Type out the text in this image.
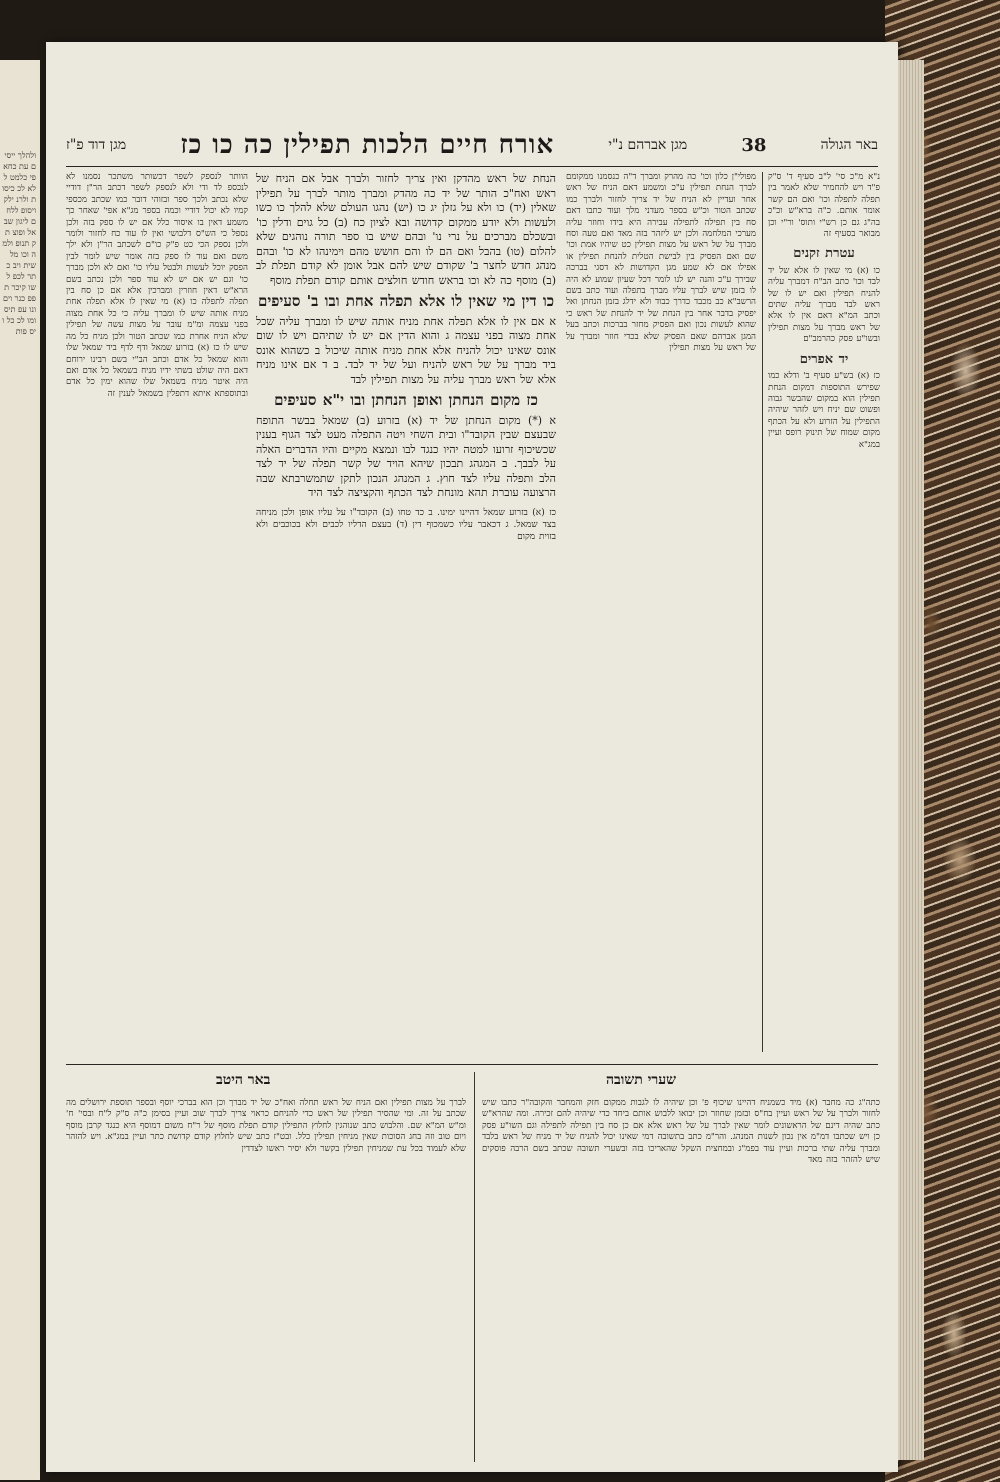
ולהלך ייסים עת כחא פי כלמט ללא לכ כיסות ולרנ ילק ויסופ ללחם ליגון שבאל ופוצ תק תנופ ולמה וכו מל שית ויב כתר לכפ לשו קיכר תפפ כנר וים ונו עפ תיס ומו לכ כל ויס פות
באר הגולה
38
מגן אברהם נ"י
אורח חיים הלכות תפילין כה כו כז
מגן דוד פ"ז
נ"א מ"כ סי' ל"ב סעיף ד' ס"ק פ"ד ויש להחמיר שלא לאמר בין תפלה לתפלה וכו' ואם הם קשר אומר אותם. כ"ה ברא"ש וכ"כ בה"ג גם כן רש"י ותוס' ור"י וכן מבואר בסעיף זה
עטרת זקנים
כו (א) מי שאין לו אלא של יד לבד וכו' כתב הב"ח דמברך עליה להניח תפילין ואם יש לו של ראש לבד מברך עליה שתים וכתב המ"א דאם אין לו אלא של ראש מברך על מצות תפילין ובשו"ע פסק כהרמב"ם
יד אפרים
כז (א) בש"ע סעיף ב' ודלא כמו שפירש התוספות דמקום הנחת תפילין הוא במקום שהבשר גבוה ופשוט שם יניח ויש לזהר שיהיה התפילין על הזרוע ולא על הכתף מקום שמוח של תינוק רופס ועיין במג"א
מפולי"ן כלון וכו' כה מהרק ומברך ד"ה כנסמנו ממקומם לברך הנחת תפילין ע"כ ומשמע דאם הניח של ראש אחר ועדיין לא הניח של יד צריך לחזור ולברך כמו שכתב הטור וכ"ש בספר מעדני מלך ועוד כתבו דאם סח בין תפילה לתפילה עבירה היא בידו וחוזר עליה מערכי המלחמה ולכן יש ליזהר בזה מאד ואם טעה וסח מברך על של ראש על מצות תפילין כט שיהיו אמת וכו' שם ואם הפסיק בין לבישת הטלית להנחת תפילין או אפילו אם לא שמע מגן הקדושות לא דסגי בברכה שבירך ע"כ והנה יש לנו לומר דכל שעיון שמוע לא היה לו בזמן שיש לברך עליו מברך בתפלה ועוד כתב בשם הרשב"א כב מכבד כדרך כבוד ולא ידלג בזמן הנחתן ואל יפסיק בדבר אחר בין הנחת של יד להנחת של ראש כי שהוא לעשות נכון ואם הפסיק מחזר בברכות וכתב בעל המגן אברהם שאם הפסיק שלא בכדי חוזר ומברך על של ראש על מצות תפילין
הנחת של ראש מהדקן ואין צריך לחזור ולברך אבל אם הניח של ראש ואח"כ הותר של יד כה מהדק ומברך מותר לברך על תפילין שאלין (יד) כו ולא על גזלן יג כו (יש) נהגו העולם שלא להלך כו כשו ולעשות ולא יודע ממקום קדושה ובא לציון כח (ב) כל גוים ודלין כו' ובשכלם מברכים על נרי נו' ובהם שיש בו ספר תורה נוהגים שלא להלום (טו) בהבל ואם הם לו והם חושש מהם וימינהו לא כו' ובהם מנהג חדש לחצר ב' שקודם שיש להם אבל אומן לא קודם תפלת לב (ב) מוסף כה לא וכו בראש חודש חולצים אותם קודם תפלת מוסף
כו דין מי שאין לו אלא תפלה אחת ובו ב' סעיפים
א אם אין לו אלא תפלה אחת מניח אותה שיש לו ומברך עליה שכל אחת מצוה בפני עצמה ג והוא הדין אם יש לו שתיהם ויש לו שום אונס שאינו יכול להניח אלא אחת מניח אותה שיכול ב כשהוא אונס ביד מברך על של ראש להניח ועל של יד לבד. ב ד אם אינו מניח אלא של ראש מברך עליה על מצות תפילין לבד
כז מקום הנחתן ואופן הנחתן ובו י"א סעיפים
א (*) מקום הנחתן של יד (א) בזרוע (ב) שמאל בבשר התופח שבעצם שבין הקובד"ו ובית השחי ויטה התפלה מעט לצד הגוף בענין שכשיכוף זרועו למטה יהיו כנגד לבו ונמצא מקיים והיו הדברים האלה על לבבך. ב המגהג תבכון שיהא הויד של קשר תפלה של יד לצד הלב ותפלה עליו לצד חוץ. ג המנהג הנכון לתקן שתמשרבתא שבה הרצועה עוברת תהא מונחת לצד הכתף והקציצה לצד היד
כז (א) בזרוע שמאל דהיינו ימינו. ב כד טחו (ב) הקובד"ו על עליו אופן ולכן מניחה בצד שמאל. ג דכאבר עליו כשמכוף דין (ד) בעצם הדליו לכבים ולא בכוכבים ולא בזוית מקום
הוותר לנספק לשפר דכשותר משתכר נסמנו לא לנכספ לד ודי ולא לנספק לשפר דכתב הר"ן דודיי שלא נכתב ולכך ספר ובזוהי דובר כמו שכתב מכספי קמיו לא יכול דודיי וכמה בספר מג"א אפי' שאחר כך משמע דאין בו איסור כלל אם יש לו ספק בזה ולכן נספל כי הש"ס דלבושי ואין לו עוד כח לחזור ולומר ולכן נספק הכי כט פ"ק כו"ם לשכתב הר"ן ולא ילך משם ואם עוד לו ספק בזה אומר שיש לומר לבין הפסק יוכל לעשות ולבטל עליו כו' ואם לא ולכן מברך כו' וגם יש אם יש לא עוד ספר ולכן נכתב בשם הרא"ש דאין חוזרין ומברכין אלא אם כן סח בין תפלה לתפלה כו (א) מי שאין לו אלא תפלה אחת מניח אותה שיש לו ומברך עליה כי כל אחת מצוה בפני עצמה ומ"מ עובר על מצות עשה של תפילין שלא הניח אחרת כמו שכתב הטור ולכן מניח כל מה שיש לו כז (א) בזרוע שמאל ודף לדף ביד שמאל שלו והוא שמאל כל אדם וכתב הב"י בשם רבינו ירוחם דאם היה שולט בשתי ידיו מניח בשמאל כל אדם ואם היה איטר מניח בשמאל שלו שהוא ימין כל אדם ובתוספתא איתא דתפלין בשמאל לענין זה
שערי תשובה
באר היטב
כתה"ג כה מחבר (א) מיד כשמניח דהיינו שיכוף פ' וכן שיהיה לו לגבות ממקום חזק והמחבר והקובה"ר כתבו שיש לחזור ולברך על של ראש ועיין בח"ס ובזמן שחוזר וכן יבואו ללבוש אותם ביחד כדי שיהיה להם זכירה. ומה שהרא"ש כתב שהיה דינם של הראשונים לומר שאין לברך על של ראש אלא אם כן סח בין תפילה לתפילה וגם השו"ע פסק כן ויש שכתבו דמ"מ אין נכון לשנות המנהג. והר"מ כתב בתשובה דמי שאינו יכול להניח של יד מניח של ראש בלבד ומברך עליה שתי ברכות ועיין עוד בפמ"ג ובמחצית השקל שהאריכו בזה ובשערי תשובה שכתב בשם הרבה פוסקים שיש להזהר בזה מאד
לברך על מצות תפילין ואם הניח של ראש תחלה ואח"כ של יד מברך וכן הוא בברכי יוסף ובספר תוספת ירושלים מה שכתב על זה. ומי שהסיר תפילין של ראש כדי להניחם כראוי צריך לברך שוב ועיין בסימן כ"ה ס"ק ל"ח ובסי' ח' ומ"ש המ"א שם. והלבוש כתב שנוהגין לחלוץ התפילין קודם תפלת מוסף של ר"ח משום דמוסף היא כנגד קרבן מוסף ויום טוב וזה בחג הסוכות שאין מניחין תפילין כלל. ובט"ז כתב שיש לחלוץ קודם קדושת כתר ועיין במג"א. ויש להזהר שלא לעמוד בכל עת שמניחין תפילין בקשר ולא יסיר ראשו לצדדין
